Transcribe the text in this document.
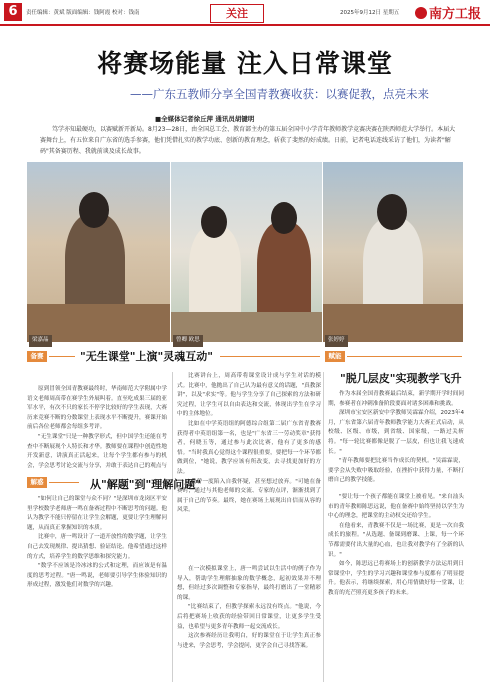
6	责任编辑：黄斌 版面编辑：钱阿霞 校对：钱南	关注	2025年9月12日 星期五	南方工报
将赛场能量 注入日常课堂
——广东五教师分享全国青教赛收获：以赛促教，点亮未来
■全媒体记者徐丘萍 通讯员胡键明
笃学亦知最硬功，以赛赋新开新局。8月23—28日，由全国总工会、教育部主办的第五届全国中小学青年教师教学竞赛决赛在陕西师范大学举行。本届大赛舞台上，有五位来自广东省的选手参赛，他们凭借扎实的教学功底、创新的教育理念，斩获了斐然的好成绩。日前，记者电话连线采访了他们，为读者"解码"其备赛历程、我就前谈及成长故事。
梁嘉晶	曾卿 欧思	张婷婷
备赛	"无生课堂"上演"灵魂互动"	赋能
"脱几层皮"实现教学飞升

原到冒领全国青教赛最终时，华南师范大学附属中学语文老师周高带在赛学生外展叫着。直至吃成果三届的亚军水平，有次不只的家长不停学比较好的学生表现，大赛历来竞赛不断的分数课堂上表现水平不断提升，赛课开始前后各位老师都会每组多考评。

"无生课堂"只是一种教学形式，但中国学生还能在考查中不断展现个人特长和才华。教师要在课程中创造性地开发新意，讲演真正活起来，让每个学生都有参与的机会，学会思考讨论交流与分享，并敢于表达自己的观点与

比赛讲台上，周高带将课堂设计成与学生对话的模式。比赛中，他抛出了自己认为最有意义的话题，"真教深讲"，以及"求实"等。他与学生分享了自己探索的方法和研究过程，让学生可以自由表达和交流，体现出学生在学习中的主体地位。

比如在中学英语组的阿德综合组第二届广东省青教赛获得者中英语组第一名，也是"广东省三一劳动奖章"获得者，何晓玉等，通过参与此次比赛，他有了更多的感悟。"当时我真心觉得这个课程很重要，要把每一个环节都做到位，"她说，教学应该有所改变，去寻找更加好的方法。

"我曾一度陷入自我怀疑，甚至想过放弃。"可她在备赛时，通过与其他老师的交流、专家的点评，渐渐找到了属于自己的节奏。最终，她在赛场上展现出自信而从容的风采。

作为本届全国青教赛最后结束，新学期开学时间同期，参赛者在冲刺准备阶段要面对诸多困难和挑战。

深圳市宝安区新安中学教师吴霖霖介绍，2023年4月，广东省第六届青年教师教学能力大赛正式启动，从校级、区级、市级，到省级、国家级，一路过关斩将。"每一轮比赛都像是脱了一层皮，但也让我飞速成长。"

"青年教师要把比赛当作成长的契机。"吴霖霖说，要学会从失败中吸取经验，在挫折中获得力量，不断打磨自己的教学技能。

解惑	从"解题"到"理解问题"

"如何让自己的课堂与众不同？"是深圳市龙岗区平安里学校数学老师唐一鸣在备赛过程中不断思考的问题。他认为教学不能只停留在让学生会解题，更要让学生理解问题，从而真正掌握知识的本质。

比赛中，唐一鸣设计了一道开放性的数学题，让学生自己去发现规律、提出猜想、验证结论。他希望通过这样的方式，培养学生的数学思维和探究能力。

"数学不应该是冷冰冰的公式和定理，而应该是有温度的思考过程。"唐一鸣说，老师要引导学生体验知识的形成过程，激发他们对数学的兴趣。

在一次模拟课堂上，唐一鸣尝试以生活中的例子作为导入，帮助学生理解抽象的数学概念，起初效果并不理想，但经过多次调整和专家指导，最终打磨出了一堂精彩的课。

"比赛结束了，但教学探索永远没有终点。"他说，今后将把赛场上收获的经验带回日常课堂，让更多学生受益，也希望与更多青年教师一起交流成长。

这次参赛经历让我明白，好的课堂在于让学生真正参与进来，学会思考，学会提问，更学会自己寻找答案。

"要让每一个孩子都能在课堂上被看见。"来自汕头市的青年教师陈思远说，他在备赛中始终坚持以学生为中心的理念，把课堂的主动权交还给学生。

在他看来，青教赛不仅是一场比赛，更是一次自我成长的旅程。"从选题、备课到磨课、上课，每一个环节都需要付出大量的心血，也让我对教学有了全新的认识。"

如今，陈思远已将赛场上的创新教学方法运用到日常课堂中，学生的学习兴趣和课堂参与度都有了明显提升。他表示，将继续探索，用心用情做好每一堂课，让教育的光芒照亮更多孩子的未来。
